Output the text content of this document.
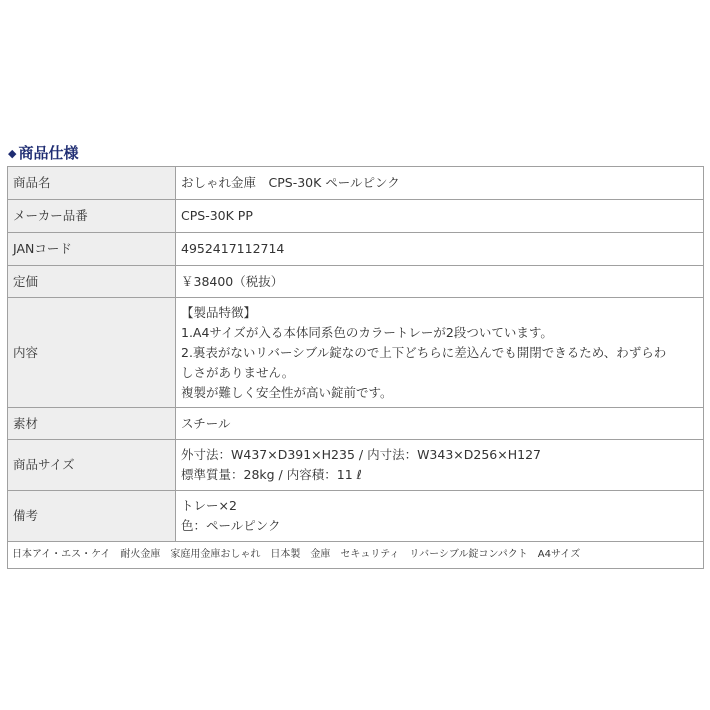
◆ 商品仕様
商品名	おしゃれ金庫　CPS-30K ペールピンク

メーカー品番	CPS-30K PP

JANコード	4952417112714

定価	￥38400（税抜）

内容	【製品特徴】
1.A4サイズが入る本体同系色のカラートレーが2段ついています。
2.裏表がないリバーシブル錠なので上下どちらに差込んでも開閉できるため、わずらわ
しさがありません。
複製が難しく安全性が高い錠前です。

素材	スチール

商品サイズ	外寸法：W437×D391×H235 / 内寸法：W343×D256×H127
標準質量：28kg / 内容積：11 ℓ

備考	トレー×2
色：ペールピンク

日本アイ・エス・ケイ　耐火金庫　家庭用金庫おしゃれ　日本製　金庫　セキュリティ　リバーシブル錠コンパクト　A4サイズ	
